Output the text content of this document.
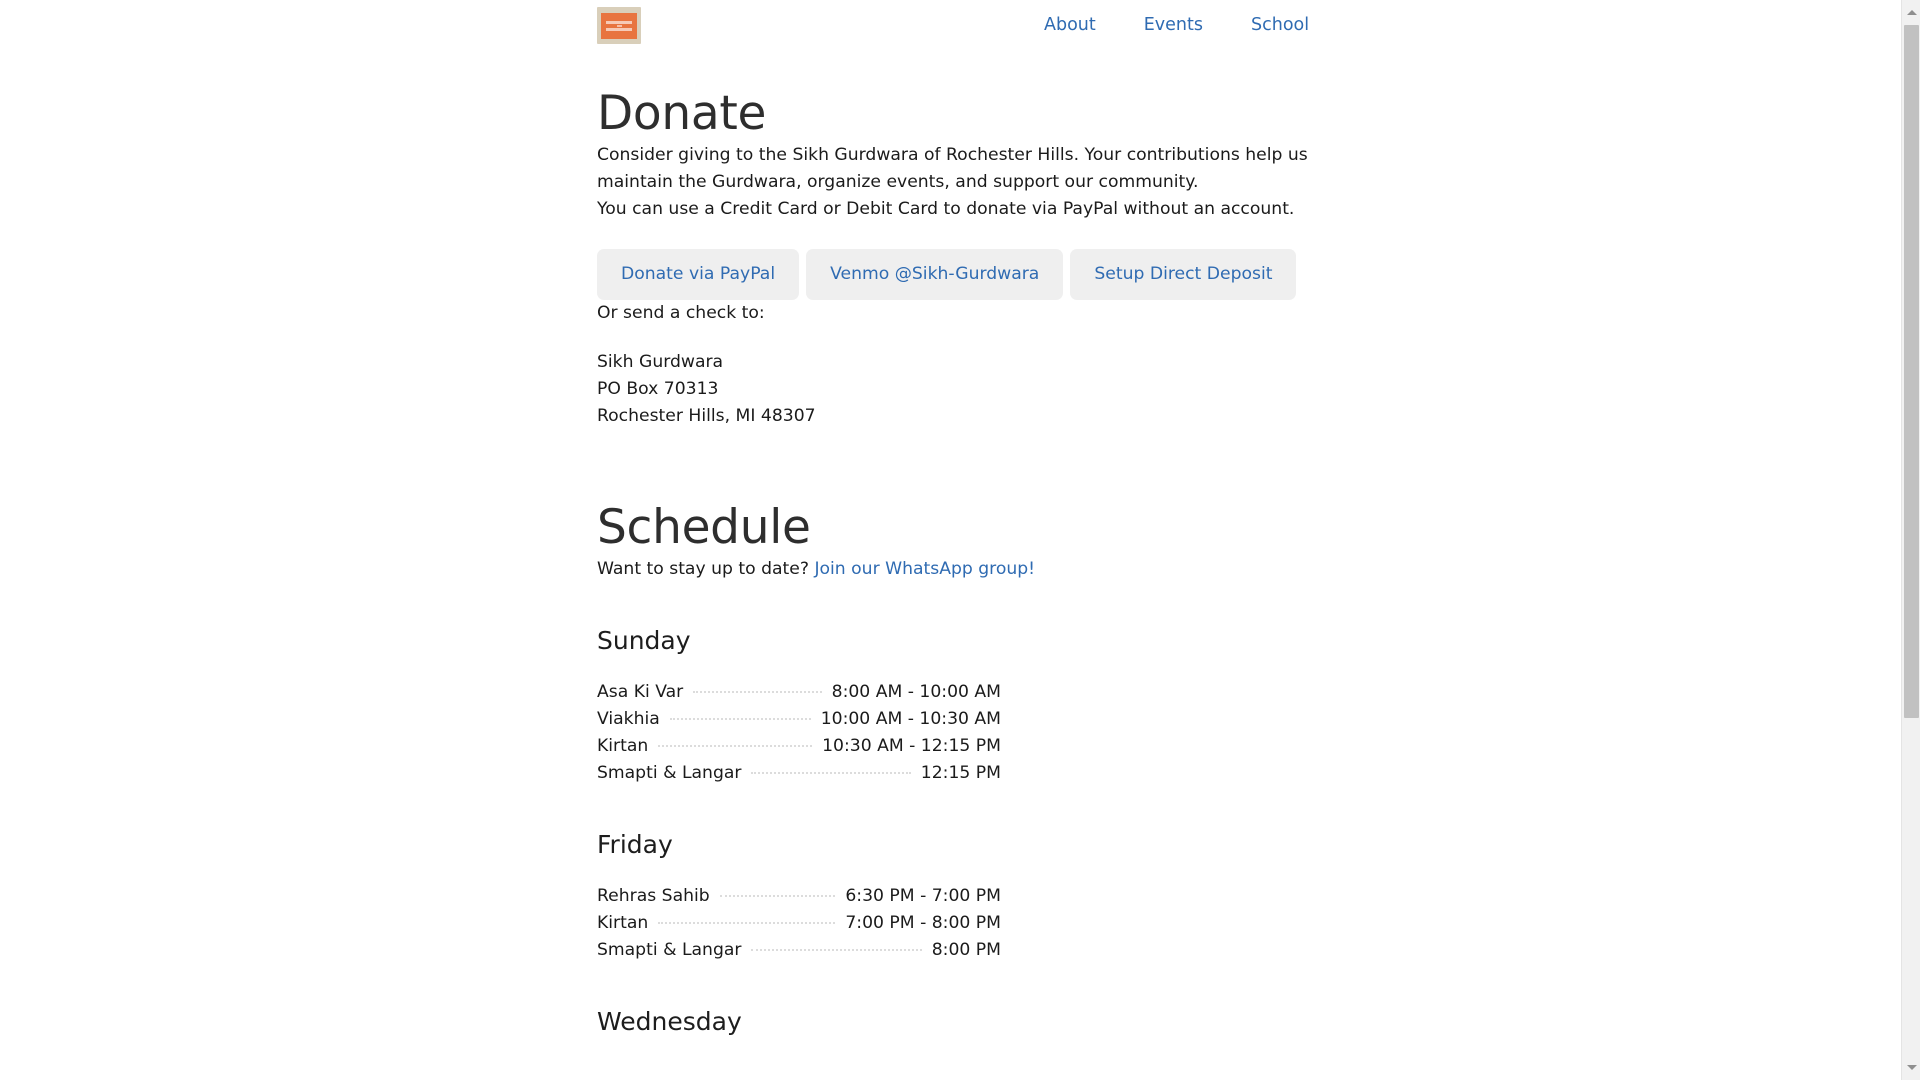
About	Events	School
Donate

Consider giving to the Sikh Gurdwara of Rochester Hills. Your contributions help us maintain the Gurdwara, organize events, and support our community.

You can use a Credit Card or Debit Card to donate via PayPal without an account.

Donate via PayPal	Venmo @Sikh-Gurdwara	Setup Direct Deposit

Or send a check to:

Sikh Gurdwara
PO Box 70313
Rochester Hills, MI 48307
Schedule

Want to stay up to date? Join our WhatsApp group!

Sunday
Asa Ki Var	8:00 AM - 10:00 AM
Viakhia	10:00 AM - 10:30 AM
Kirtan	10:30 AM - 12:15 PM
Smapti & Langar	12:15 PM
Friday
Rehras Sahib	6:30 PM - 7:00 PM
Kirtan	7:00 PM - 8:00 PM
Smapti & Langar	8:00 PM
Wednesday
